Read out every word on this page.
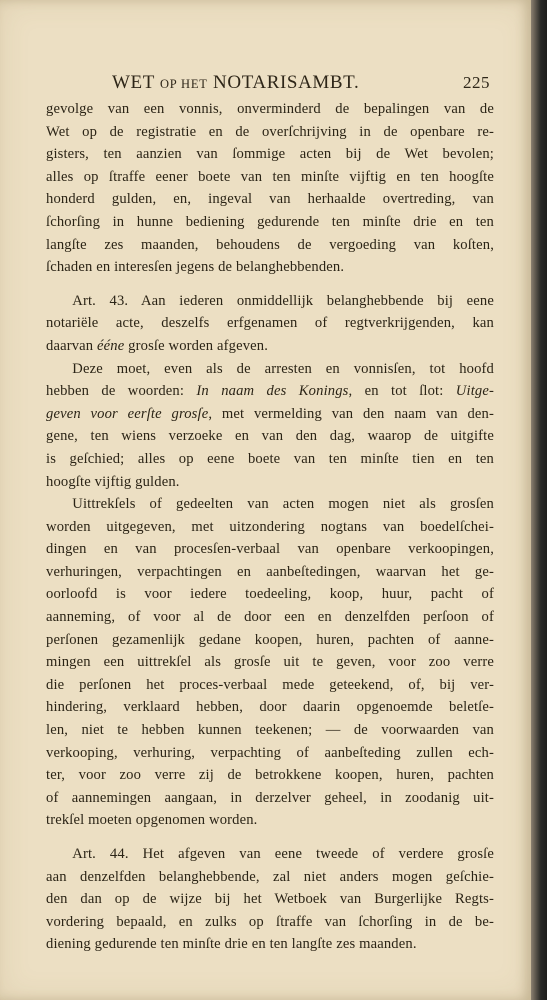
WET OP HET NOTARISAMBT.	225
gevolge van een vonnis, onverminderd de bepalingen van de
Wet op de registratie en de overſchrijving in de openbare re-
gisters, ten aanzien van ſommige acten bij de Wet bevolen;
alles op ſtraffe eener boete van ten minſte vijftig en ten hoogſte
honderd gulden, en, ingeval van herhaalde overtreding, van
ſchorſing in hunne bediening gedurende ten minſte drie en ten
langſte zes maanden, behoudens de vergoeding van koſten,
ſchaden en interesſen jegens de belanghebbenden.
Art. 43. Aan iederen onmiddellijk belanghebbende bij eene
notariële acte, deszelfs erfgenamen of regtverkrijgenden, kan
daarvan ééne grosſe worden afgeven.
Deze moet, even als de arresten en vonnisſen, tot hoofd
hebben de woorden: In naam des Konings, en tot ſlot: Uitge-
geven voor eerſte grosſe, met vermelding van den naam van den-
gene, ten wiens verzoeke en van den dag, waarop de uitgifte
is geſchied; alles op eene boete van ten minſte tien en ten
hoogſte vijftig gulden.
Uittrekſels of gedeelten van acten mogen niet als grosſen
worden uitgegeven, met uitzondering nogtans van boedelſchei-
dingen en van procesſen-verbaal van openbare verkoopingen,
verhuringen, verpachtingen en aanbeſtedingen, waarvan het ge-
oorloofd is voor iedere toedeeling, koop, huur, pacht of
aanneming, of voor al de door een en denzelfden perſoon of
perſonen gezamenlijk gedane koopen, huren, pachten of aanne-
mingen een uittrekſel als grosſe uit te geven, voor zoo verre
die perſonen het proces-verbaal mede geteekend, of, bij ver-
hindering, verklaard hebben, door daarin opgenoemde beletſe-
len, niet te hebben kunnen teekenen; — de voorwaarden van
verkooping, verhuring, verpachting of aanbeſteding zullen ech-
ter, voor zoo verre zij de betrokkene koopen, huren, pachten
of aannemingen aangaan, in derzelver geheel, in zoodanig uit-
trekſel moeten opgenomen worden.
Art. 44. Het afgeven van eene tweede of verdere grosſe
aan denzelfden belanghebbende, zal niet anders mogen geſchie-
den dan op de wijze bij het Wetboek van Burgerlijke Regts-
vordering bepaald, en zulks op ſtraffe van ſchorſing in de be-
diening gedurende ten minſte drie en ten langſte zes maanden.
